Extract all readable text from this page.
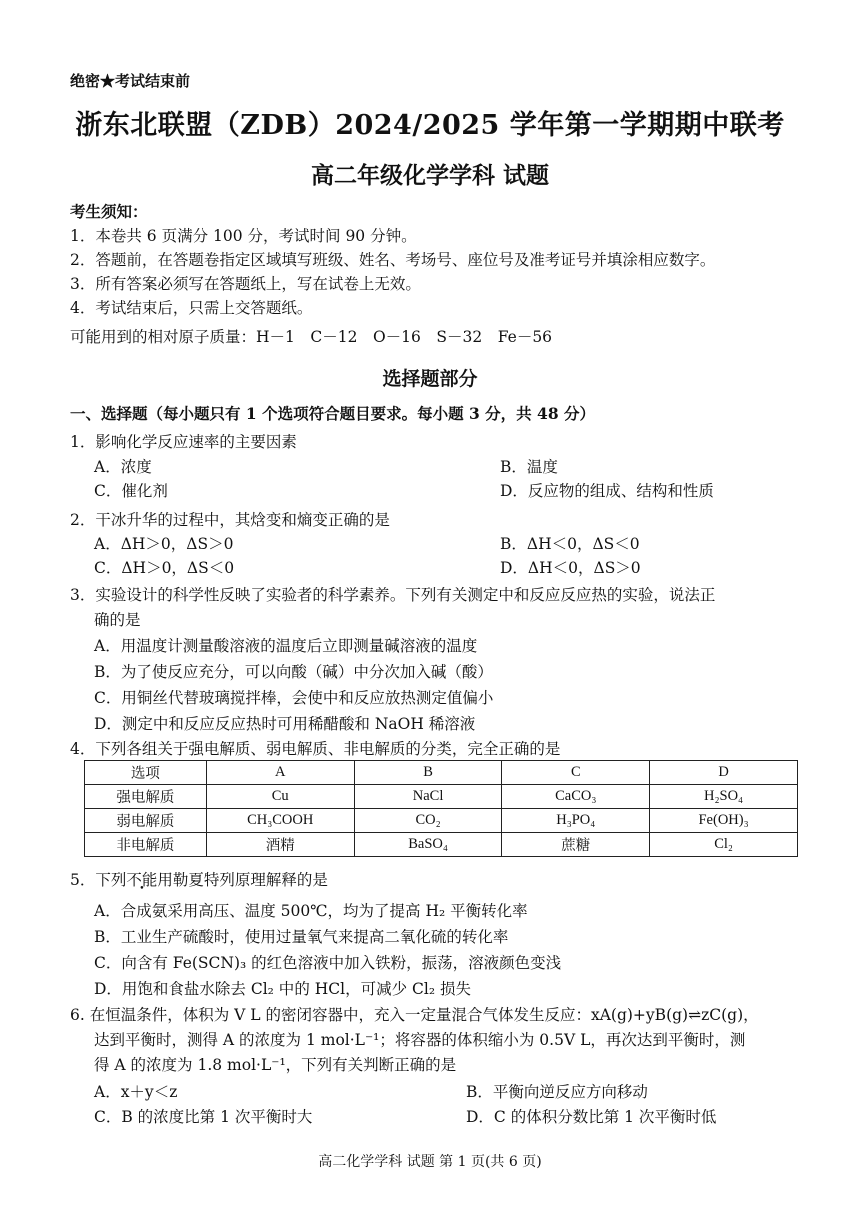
绝密★考试结束前
浙东北联盟（ZDB）2024/2025 学年第一学期期中联考
高二年级化学学科 试题
考生须知：
1．本卷共 6 页满分 100 分，考试时间 90 分钟。
2．答题前，在答题卷指定区域填写班级、姓名、考场号、座位号及准考证号并填涂相应数字。
3．所有答案必须写在答题纸上，写在试卷上无效。
4．考试结束后，只需上交答题纸。
可能用到的相对原子质量：H－1　C－12　O－16　S－32　Fe－56
选择题部分
一、选择题（每小题只有 1 个选项符合题目要求。每小题 3 分，共 48 分）
1．影响化学反应速率的主要因素
A．浓度	B．温度
C．催化剂	D．反应物的组成、结构和性质
2．干冰升华的过程中，其焓变和熵变正确的是
A．ΔH＞0，ΔS＞0	B．ΔH＜0，ΔS＜0
C．ΔH＞0，ΔS＜0	D．ΔH＜0，ΔS＞0
3．实验设计的科学性反映了实验者的科学素养。下列有关测定中和反应反应热的实验，说法正
确的是
A．用温度计测量酸溶液的温度后立即测量碱溶液的温度
B．为了使反应充分，可以向酸（碱）中分次加入碱（酸）
C．用铜丝代替玻璃搅拌棒，会使中和反应放热测定值偏小
D．测定中和反应反应热时可用稀醋酸和 NaOH 稀溶液
4．下列各组关于强电解质、弱电解质、非电解质的分类，完全正确的是
选项	A	B	C	D
强电解质	Cu	NaCl	CaCO₃	H₂SO₄
弱电解质	CH₃COOH	CO₂	H₃PO₄	Fe(OH)₃
非电解质	酒精	BaSO₄	蔗糖	Cl₂
5．下列不能用勒夏特列原理解释的是
A．合成氨采用高压、温度 500℃，均为了提高 H₂ 平衡转化率
B．工业生产硫酸时，使用过量氧气来提高二氧化硫的转化率
C．向含有 Fe(SCN)₃ 的红色溶液中加入铁粉，振荡，溶液颜色变浅
D．用饱和食盐水除去 Cl₂ 中的 HCl，可减少 Cl₂ 损失
6. 在恒温条件，体积为 V L 的密闭容器中，充入一定量混合气体发生反应：xA(g)+yB(g)⇌zC(g)，
达到平衡时，测得 A 的浓度为 1 mol·L⁻¹；将容器的体积缩小为 0.5V L，再次达到平衡时，测
得 A 的浓度为 1.8 mol·L⁻¹，下列有关判断正确的是
A．x＋y＜z	B．平衡向逆反应方向移动
C．B 的浓度比第 1 次平衡时大	D．C 的体积分数比第 1 次平衡时低
高二化学学科 试题 第 1 页(共 6 页)
